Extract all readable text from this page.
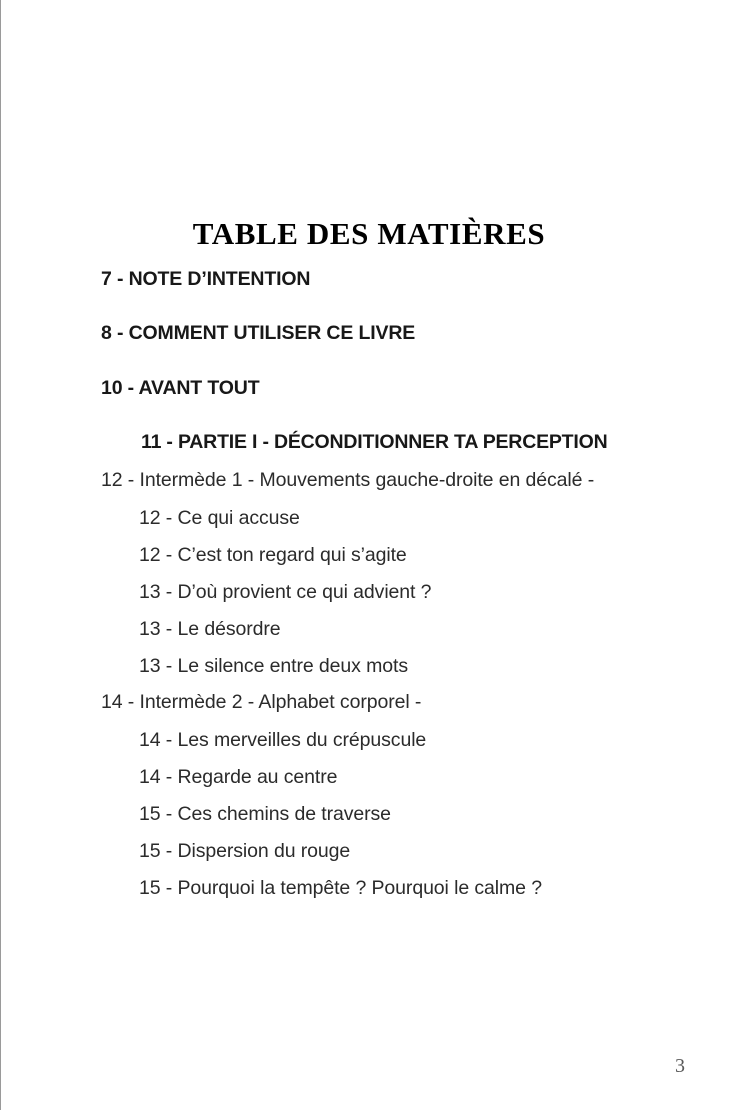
TABLE DES MATIÈRES
7 - NOTE D’INTENTION
8 - COMMENT UTILISER CE LIVRE
10 - AVANT TOUT
11 - PARTIE I - DÉCONDITIONNER TA PERCEPTION
12 - Intermède 1 - Mouvements gauche-droite en décalé -
12 - Ce qui accuse
12 - C’est ton regard qui s’agite
13 - D’où provient ce qui advient ?
13 - Le désordre
13 - Le silence entre deux mots
14 - Intermède 2 - Alphabet corporel -
14 - Les merveilles du crépuscule
14 - Regarde au centre
15 - Ces chemins de traverse
15 - Dispersion du rouge
15 - Pourquoi la tempête ? Pourquoi le calme ?
3
